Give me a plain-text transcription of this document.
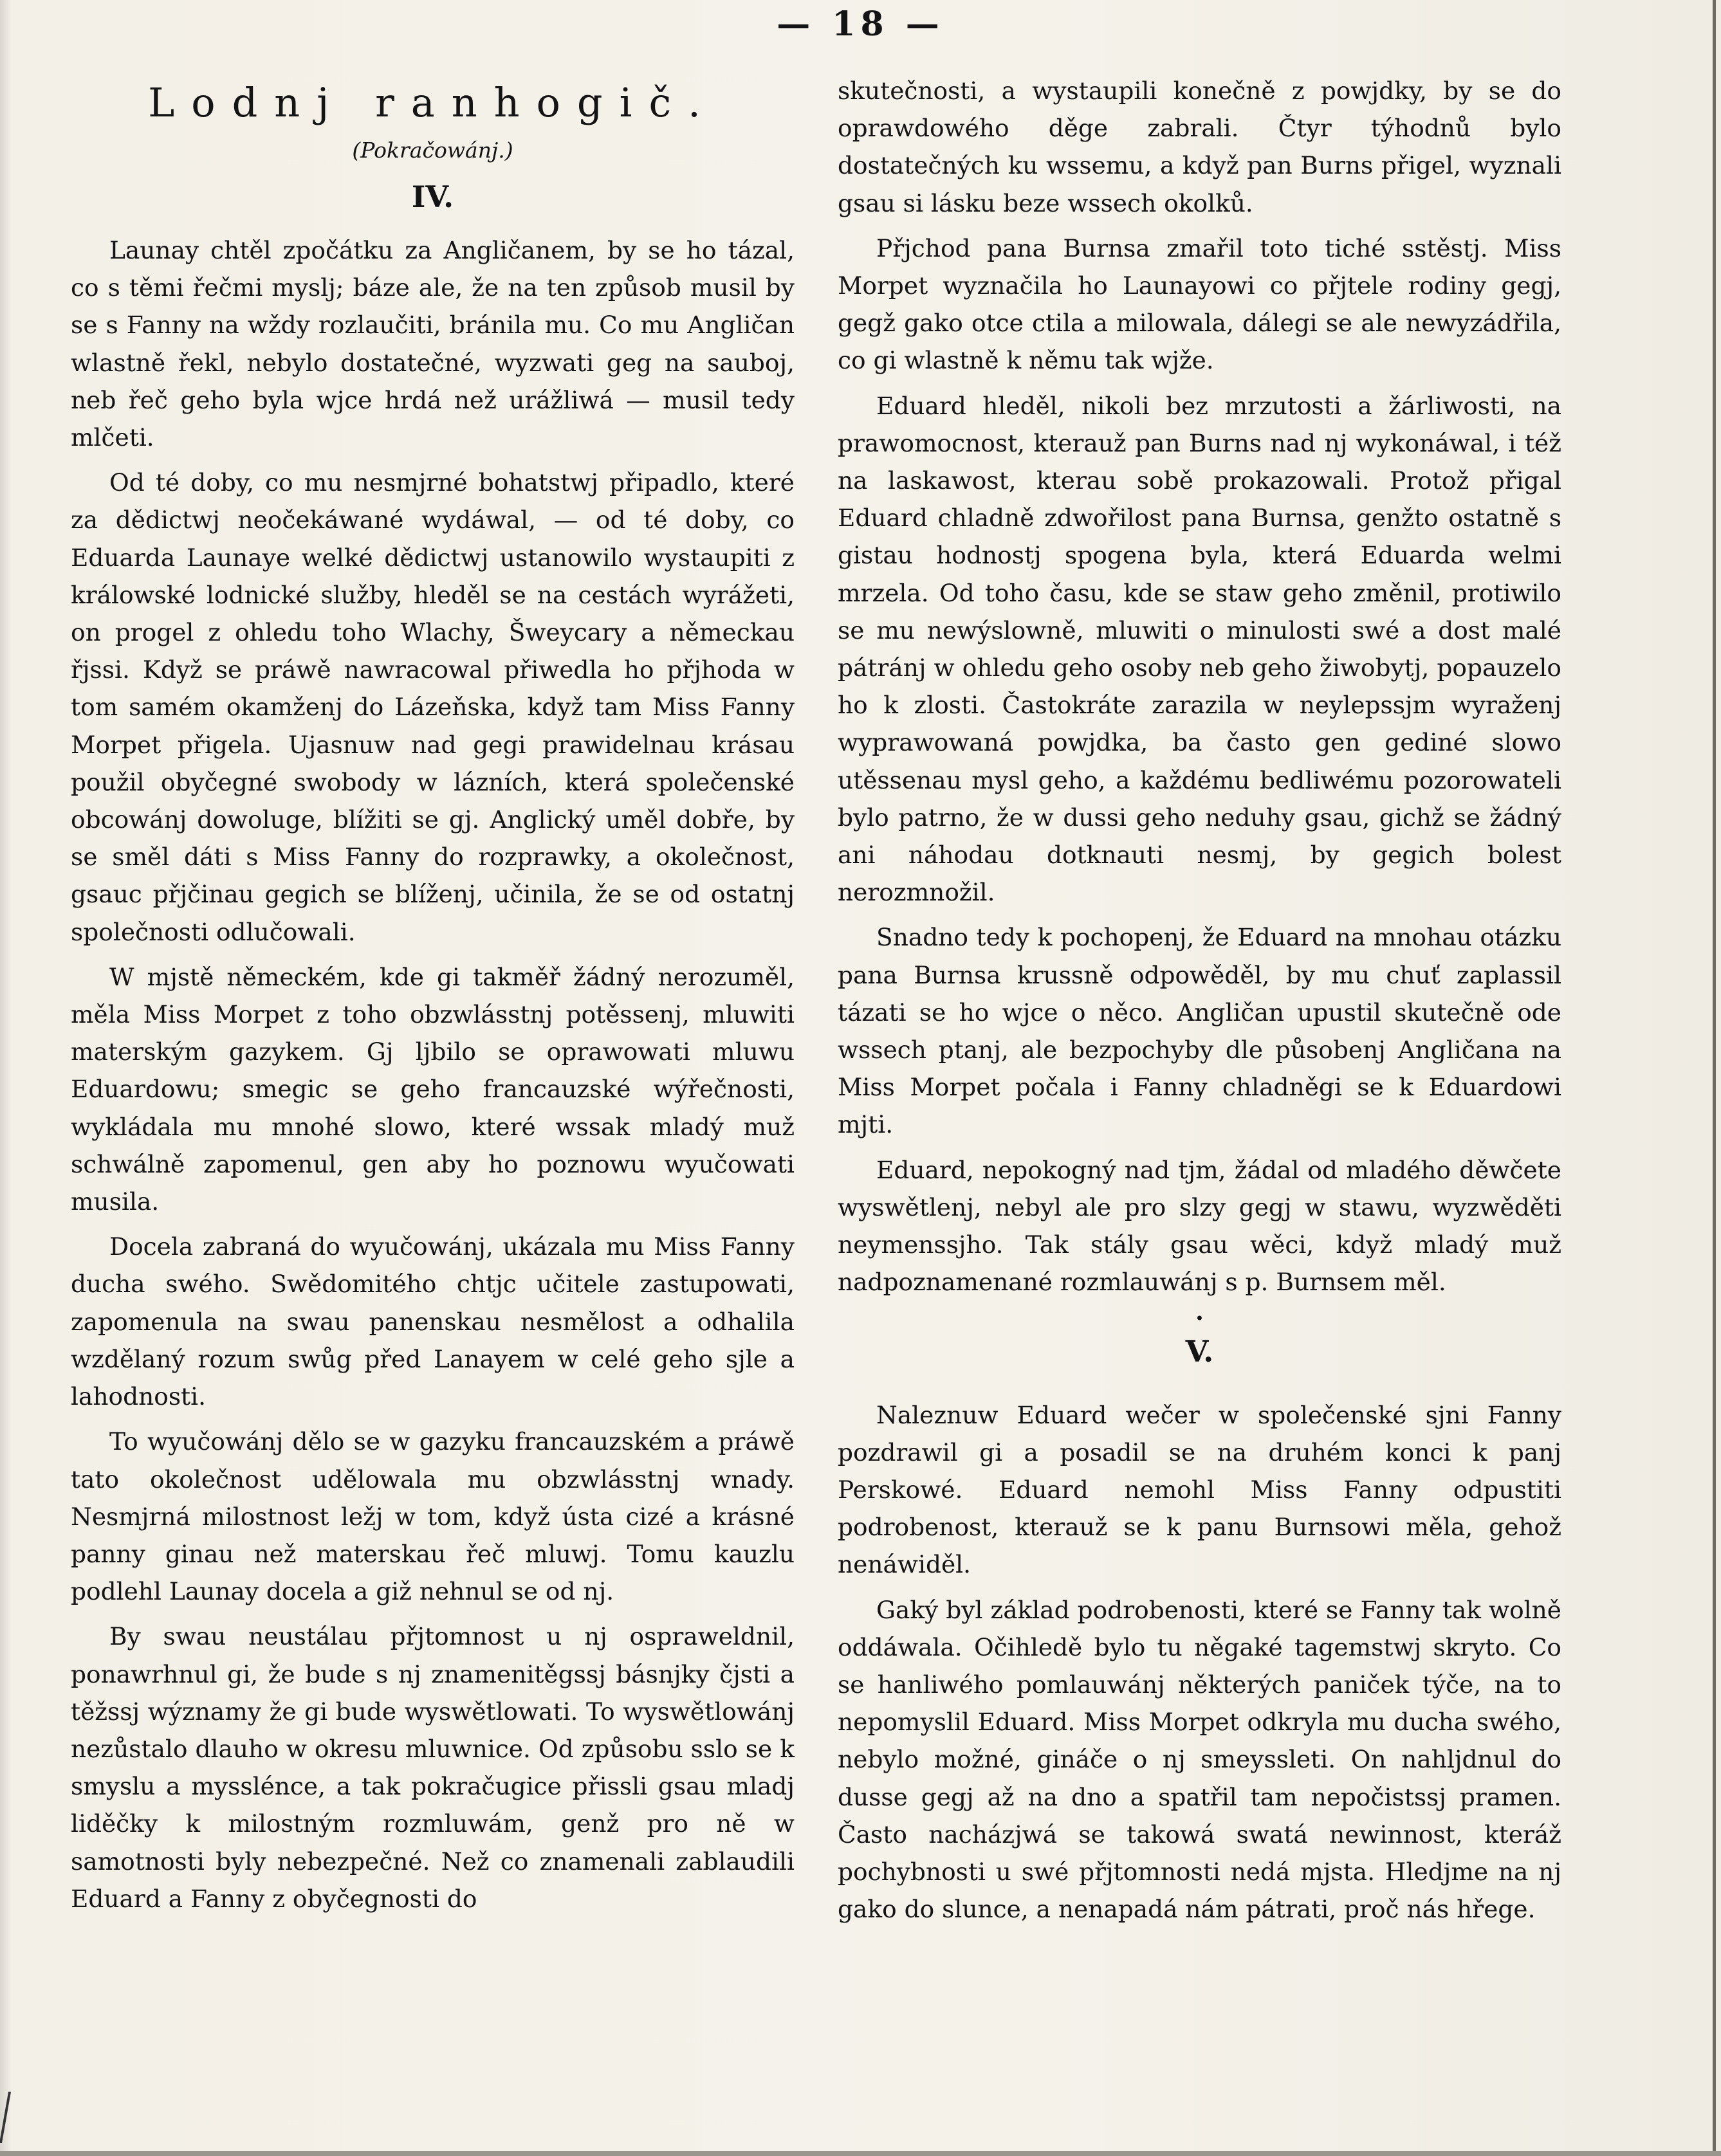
— 18 —
Lodnj ranhogič.
(Pokračowánj.)
IV.

Launay chtěl zpočátku za Angličanem, by se ho tázal, co s těmi řečmi myslj; báze ale, že na ten způsob musil by se s Fanny na wždy rozlaučiti, bránila mu. Co mu Angličan wlastně řekl, nebylo dostatečné, wyzwati geg na sauboj, neb řeč geho byla wjce hrdá než urážliwá — musil tedy mlčeti.

Od té doby, co mu nesmjrné bohatstwj připadlo, které za dědictwj neočekáwané wydáwal, — od té doby, co Eduarda Launaye welké dědictwj ustanowilo wystaupiti z králowské lodnické služby, hleděl se na cestách wyrážeti, on progel z ohledu toho Wlachy, Šweycary a německau řjssi. Když se práwě nawracowal přiwedla ho přjhoda w tom samém okamženj do Lázeňska, když tam Miss Fanny Morpet přigela. Ujasnuw nad gegi prawidelnau krásau použil obyčegné swobody w lázních, která společenské obcowánj dowoluge, blížiti se gj. Anglický uměl dobře, by se směl dáti s Miss Fanny do rozprawky, a okolečnost, gsauc přjčinau gegich se blíženj, učinila, že se od ostatnj společnosti odlučowali.

W mjstě německém, kde gi takměř žádný nerozuměl, měla Miss Morpet z toho obzwlásstnj potěssenj, mluwiti materským gazykem. Gj ljbilo se oprawowati mluwu Eduardowu; smegic se geho francauzské wýřečnosti, wykládala mu mnohé slowo, které wssak mladý muž schwálně zapomenul, gen aby ho poznowu wyučowati musila.

Docela zabraná do wyučowánj, ukázala mu Miss Fanny ducha swého. Swědomitého chtjc učitele zastupowati, zapomenula na swau panenskau nesmělost a odhalila wzdělaný rozum swůg před Lanayem w celé geho sjle a lahodnosti.

To wyučowánj dělo se w gazyku francauzském a práwě tato okolečnost udělowala mu obzwlásstnj wnady. Nesmjrná milostnost ležj w tom, když ústa cizé a krásné panny ginau než materskau řeč mluwj. Tomu kauzlu podlehl Launay docela a giž nehnul se od nj.

By swau neustálau přjtomnost u nj ospraweldnil, ponawrhnul gi, že bude s nj znamenitěgssj básnjky čjsti a těžssj wýznamy že gi bude wyswětlowati. To wyswětlowánj nezůstalo dlauho w okresu mluwnice. Od způsobu sslo se k smyslu a mysslénce, a tak pokračugice přissli gsau mladj liděčky k milostným rozmluwám, genž pro ně w samotnosti byly nebezpečné. Než co znamenali zablaudili Eduard a Fanny z obyčegnosti do

skutečnosti, a wystaupili konečně z powjdky, by se do oprawdowého děge zabrali. Čtyr týhodnů bylo dostatečných ku wssemu, a když pan Burns přigel, wyznali gsau si lásku beze wssech okolků.

Přjchod pana Burnsa zmařil toto tiché sstěstj. Miss Morpet wyznačila ho Launayowi co přjtele rodiny gegj, gegž gako otce ctila a milowala, dálegi se ale newyzádřila, co gi wlastně k němu tak wjže.

Eduard hleděl, nikoli bez mrzutosti a žárliwosti, na prawomocnost, kterauž pan Burns nad nj wykonáwal, i též na laskawost, kterau sobě prokazowali. Protož přigal Eduard chladně zdwořilost pana Burnsa, genžto ostatně s gistau hodnostj spogena byla, která Eduarda welmi mrzela. Od toho času, kde se staw geho změnil, protiwilo se mu newýslowně, mluwiti o minulosti swé a dost malé pátránj w ohledu geho osoby neb geho žiwobytj, popauzelo ho k zlosti. Častokráte zarazila w neylepssjm wyraženj wyprawowaná powjdka, ba často gen gediné slowo utěssenau mysl geho, a každému bedliwému pozorowateli bylo patrno, že w dussi geho neduhy gsau, gichž se žádný ani náhodau dotknauti nesmj, by gegich bolest nerozmnožil.

Snadno tedy k pochopenj, že Eduard na mnohau otázku pana Burnsa krussně odpowěděl, by mu chuť zaplassil tázati se ho wjce o něco. Angličan upustil skutečně ode wssech ptanj, ale bezpochyby dle působenj Angličana na Miss Morpet počala i Fanny chladněgi se k Eduardowi mjti.

Eduard, nepokogný nad tjm, žádal od mladého děwčete wyswětlenj, nebyl ale pro slzy gegj w stawu, wyzwěděti neymenssjho. Tak stály gsau wěci, když mladý muž nadpoznamenané rozmlauwánj s p. Burnsem měl.

•
V.

Naleznuw Eduard wečer w společenské sjni Fanny pozdrawil gi a posadil se na druhém konci k panj Perskowé. Eduard nemohl Miss Fanny odpustiti podrobenost, kterauž se k panu Burnsowi měla, gehož nenáwiděl.

Gaký byl základ podrobenosti, které se Fanny tak wolně oddáwala. Očihledě bylo tu něgaké tagemstwj skryto. Co se hanliwého pomlauwánj některých paniček týče, na to nepomyslil Eduard. Miss Morpet odkryla mu ducha swého, nebylo možné, gináče o nj smeyssleti. On nahljdnul do dusse gegj až na dno a spatřil tam nepočistssj pramen. Často nacházjwá se takowá swatá newinnost, kteráž pochybnosti u swé přjtomnosti nedá mjsta. Hledjme na nj gako do slunce, a nenapadá nám pátrati, proč nás hřege.
